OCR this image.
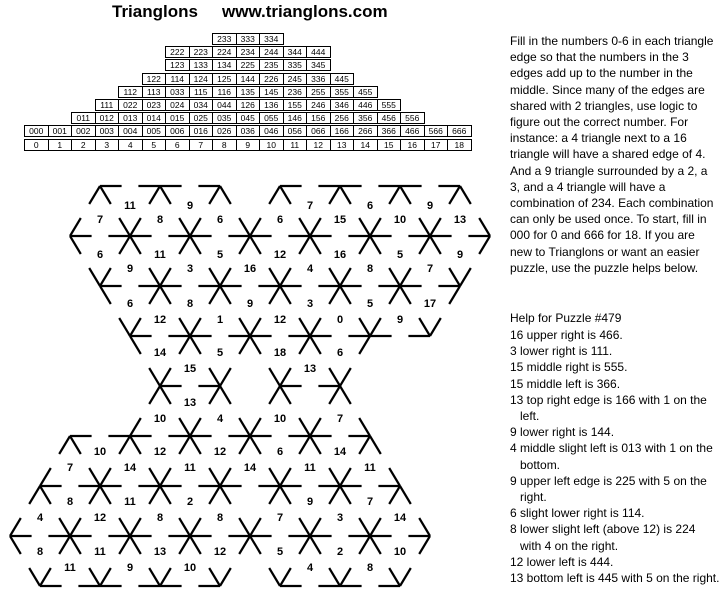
Trianglons www.trianglons.com
233	333	334
222	223	224	234	244	344	444
123	133	134	225	235	335	345
122	114	124	125	144	226	245	336	445
112	113	033	115	116	135	145	236	255	355	455
111	022	023	024	034	044	126	136	155	246	346	446	555
011	012	013	014	015	025	035	045	055	146	156	256	356	456	556
000	001	002	003	004	005	006	016	026	036	046	056	066	166	266	366	466	566	666
0	1	2	3	4	5	6	7	8	9	10	11	12	13	14	15	16	17	18
11	9	7	6	9
7	8	6	6	15	10	13
6	11	5	12	16	5	9
9	3	16	4	8	7
6	8	9	3	5	17
12	1	12	0	9
14	5	18	6
15	13
13
10	4	10	7
10	12	12	6	14
7	14	11	14	11	11
8	11	2	9	7
4	12	8	8	7	3	14
8	11	13	12	5	2	10
11	9	10	4	8
Fill in the numbers 0-6 in each triangle edge so that the numbers in the 3 edges add up to the number in the middle. Since many of the edges are shared with 2 triangles, use logic to figure out the correct number. For instance: a 4 triangle next to a 16 triangle will have a shared edge of 4. And a 9 triangle surrounded by a 2, a 3, and a 4 triangle will have a combination of 234. Each combination can only be used once. To start, fill in 000 for 0 and 666 for 18. If you are new to Trianglons or want an easier puzzle, use the puzzle helps below.
Help for Puzzle #479
16 upper right is 466.
3 lower right is 111.
15 middle right is 555.
15 middle left is 366.
13 top right edge is 166 with 1 on the left.
9 lower right is 144.
4 middle slight left is 013 with 1 on the bottom.
9 upper left edge is 225 with 5 on the right.
6 slight lower right is 114.
8 lower slight left (above 12) is 224 with 4 on the right.
12 lower left is 444.
13 bottom left is 445 with 5 on the right.
